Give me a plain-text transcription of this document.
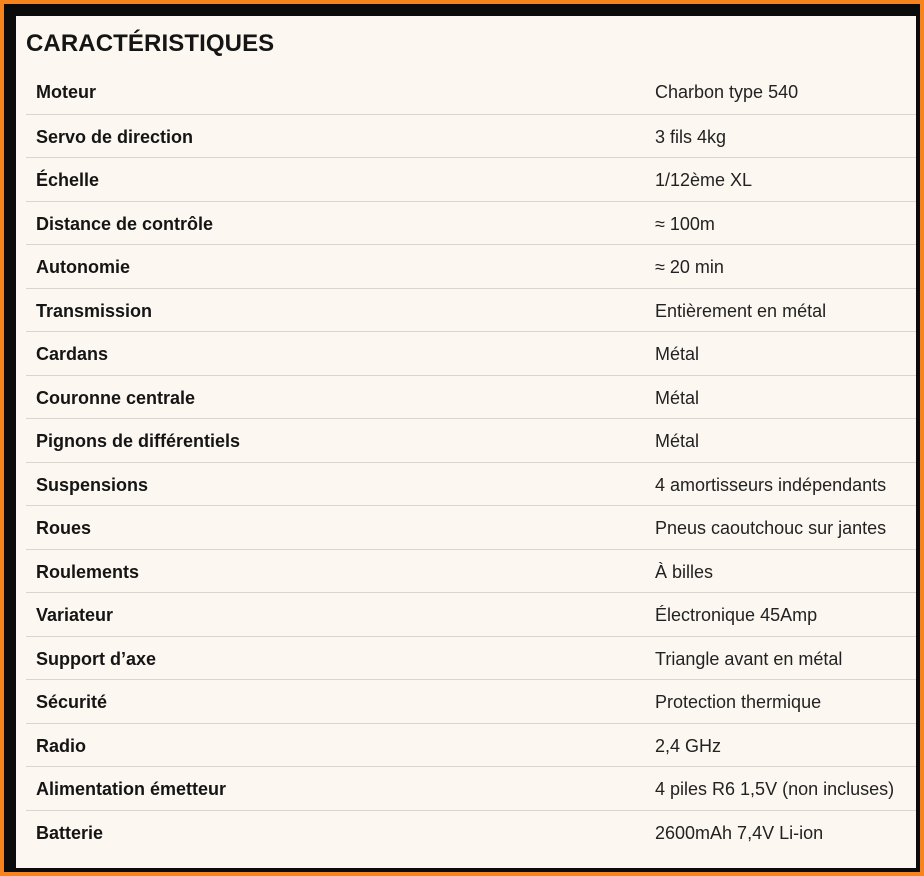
CARACTÉRISTIQUES
Moteur	Charbon type 540
Servo de direction	3 fils 4kg
Échelle	1/12ème XL
Distance de contrôle	≈ 100m
Autonomie	≈ 20 min
Transmission	Entièrement en métal
Cardans	Métal
Couronne centrale	Métal
Pignons de différentiels	Métal
Suspensions	4 amortisseurs indépendants
Roues	Pneus caoutchouc sur jantes
Roulements	À billes
Variateur	Électronique 45Amp
Support d’axe	Triangle avant en métal
Sécurité	Protection thermique
Radio	2,4 GHz
Alimentation émetteur	4 piles R6 1,5V (non incluses)
Batterie	2600mAh 7,4V Li-ion
